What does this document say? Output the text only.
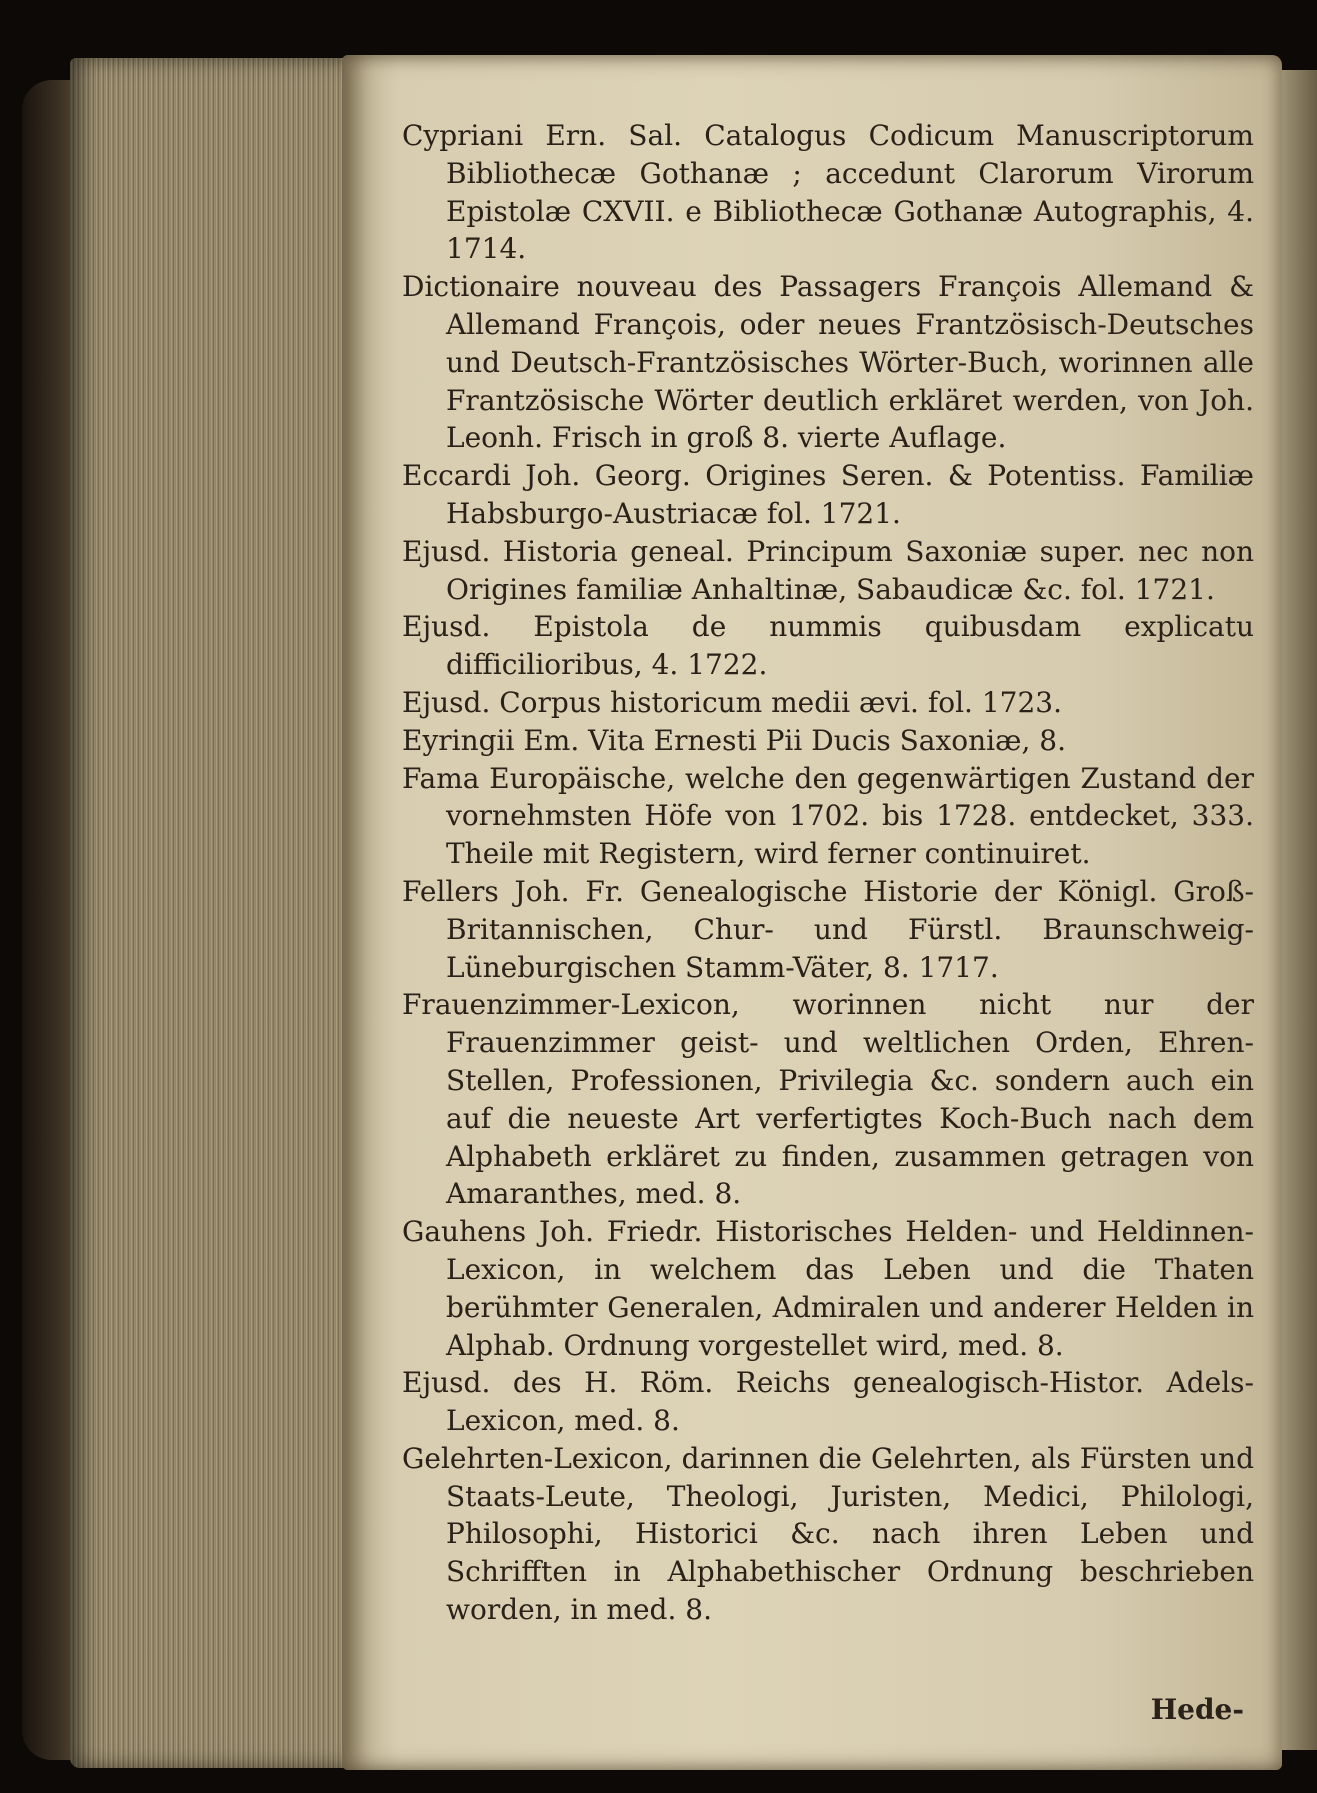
Cypriani Ern. Sal. Catalogus Codicum Manuscriptorum Bibliothecæ Gothanæ ; accedunt Clarorum Virorum Epistolæ CXVII. e Bibliothecæ Gothanæ Autographis, 4. 1714.

Dictionaire nouveau des Passagers François Allemand & Allemand François, oder neues Frantzösisch-Deutsches und Deutsch-Frantzösisches Wörter-Buch, worinnen alle Frantzösische Wörter deutlich erkläret werden, von Joh. Leonh. Frisch in groß 8. vierte Auflage.

Eccardi Joh. Georg. Origines Seren. & Potentiss. Familiæ Habsburgo-Austriacæ fol. 1721.

Ejusd. Historia geneal. Principum Saxoniæ super. nec non Origines familiæ Anhaltinæ, Sabaudicæ &c. fol. 1721.

Ejusd. Epistola de nummis quibusdam explicatu difficilioribus, 4. 1722.

Ejusd. Corpus historicum medii ævi. fol. 1723.

Eyringii Em. Vita Ernesti Pii Ducis Saxoniæ, 8.

Fama Europäische, welche den gegenwärtigen Zustand der vornehmsten Höfe von 1702. bis 1728. entdecket, 333. Theile mit Registern, wird ferner continuiret.

Fellers Joh. Fr. Genealogische Historie der Königl. Groß-Britannischen, Chur- und Fürstl. Braunschweig-Lüneburgischen Stamm-Väter, 8. 1717.

Frauenzimmer-Lexicon, worinnen nicht nur der Frauenzimmer geist- und weltlichen Orden, Ehren-Stellen, Professionen, Privilegia &c. sondern auch ein auf die neueste Art verfertigtes Koch-Buch nach dem Alphabeth erkläret zu finden, zusammen getragen von Amaranthes, med. 8.

Gauhens Joh. Friedr. Historisches Helden- und Heldinnen-Lexicon, in welchem das Leben und die Thaten berühmter Generalen, Admiralen und anderer Helden in Alphab. Ordnung vorgestellet wird, med. 8.

Ejusd. des H. Röm. Reichs genealogisch-Histor. Adels-Lexicon, med. 8.

Gelehrten-Lexicon, darinnen die Gelehrten, als Fürsten und Staats-Leute, Theologi, Juristen, Medici, Philologi, Philosophi, Historici &c. nach ihren Leben und Schrifften in Alphabethischer Ordnung beschrieben worden, in med. 8.

Hede-
